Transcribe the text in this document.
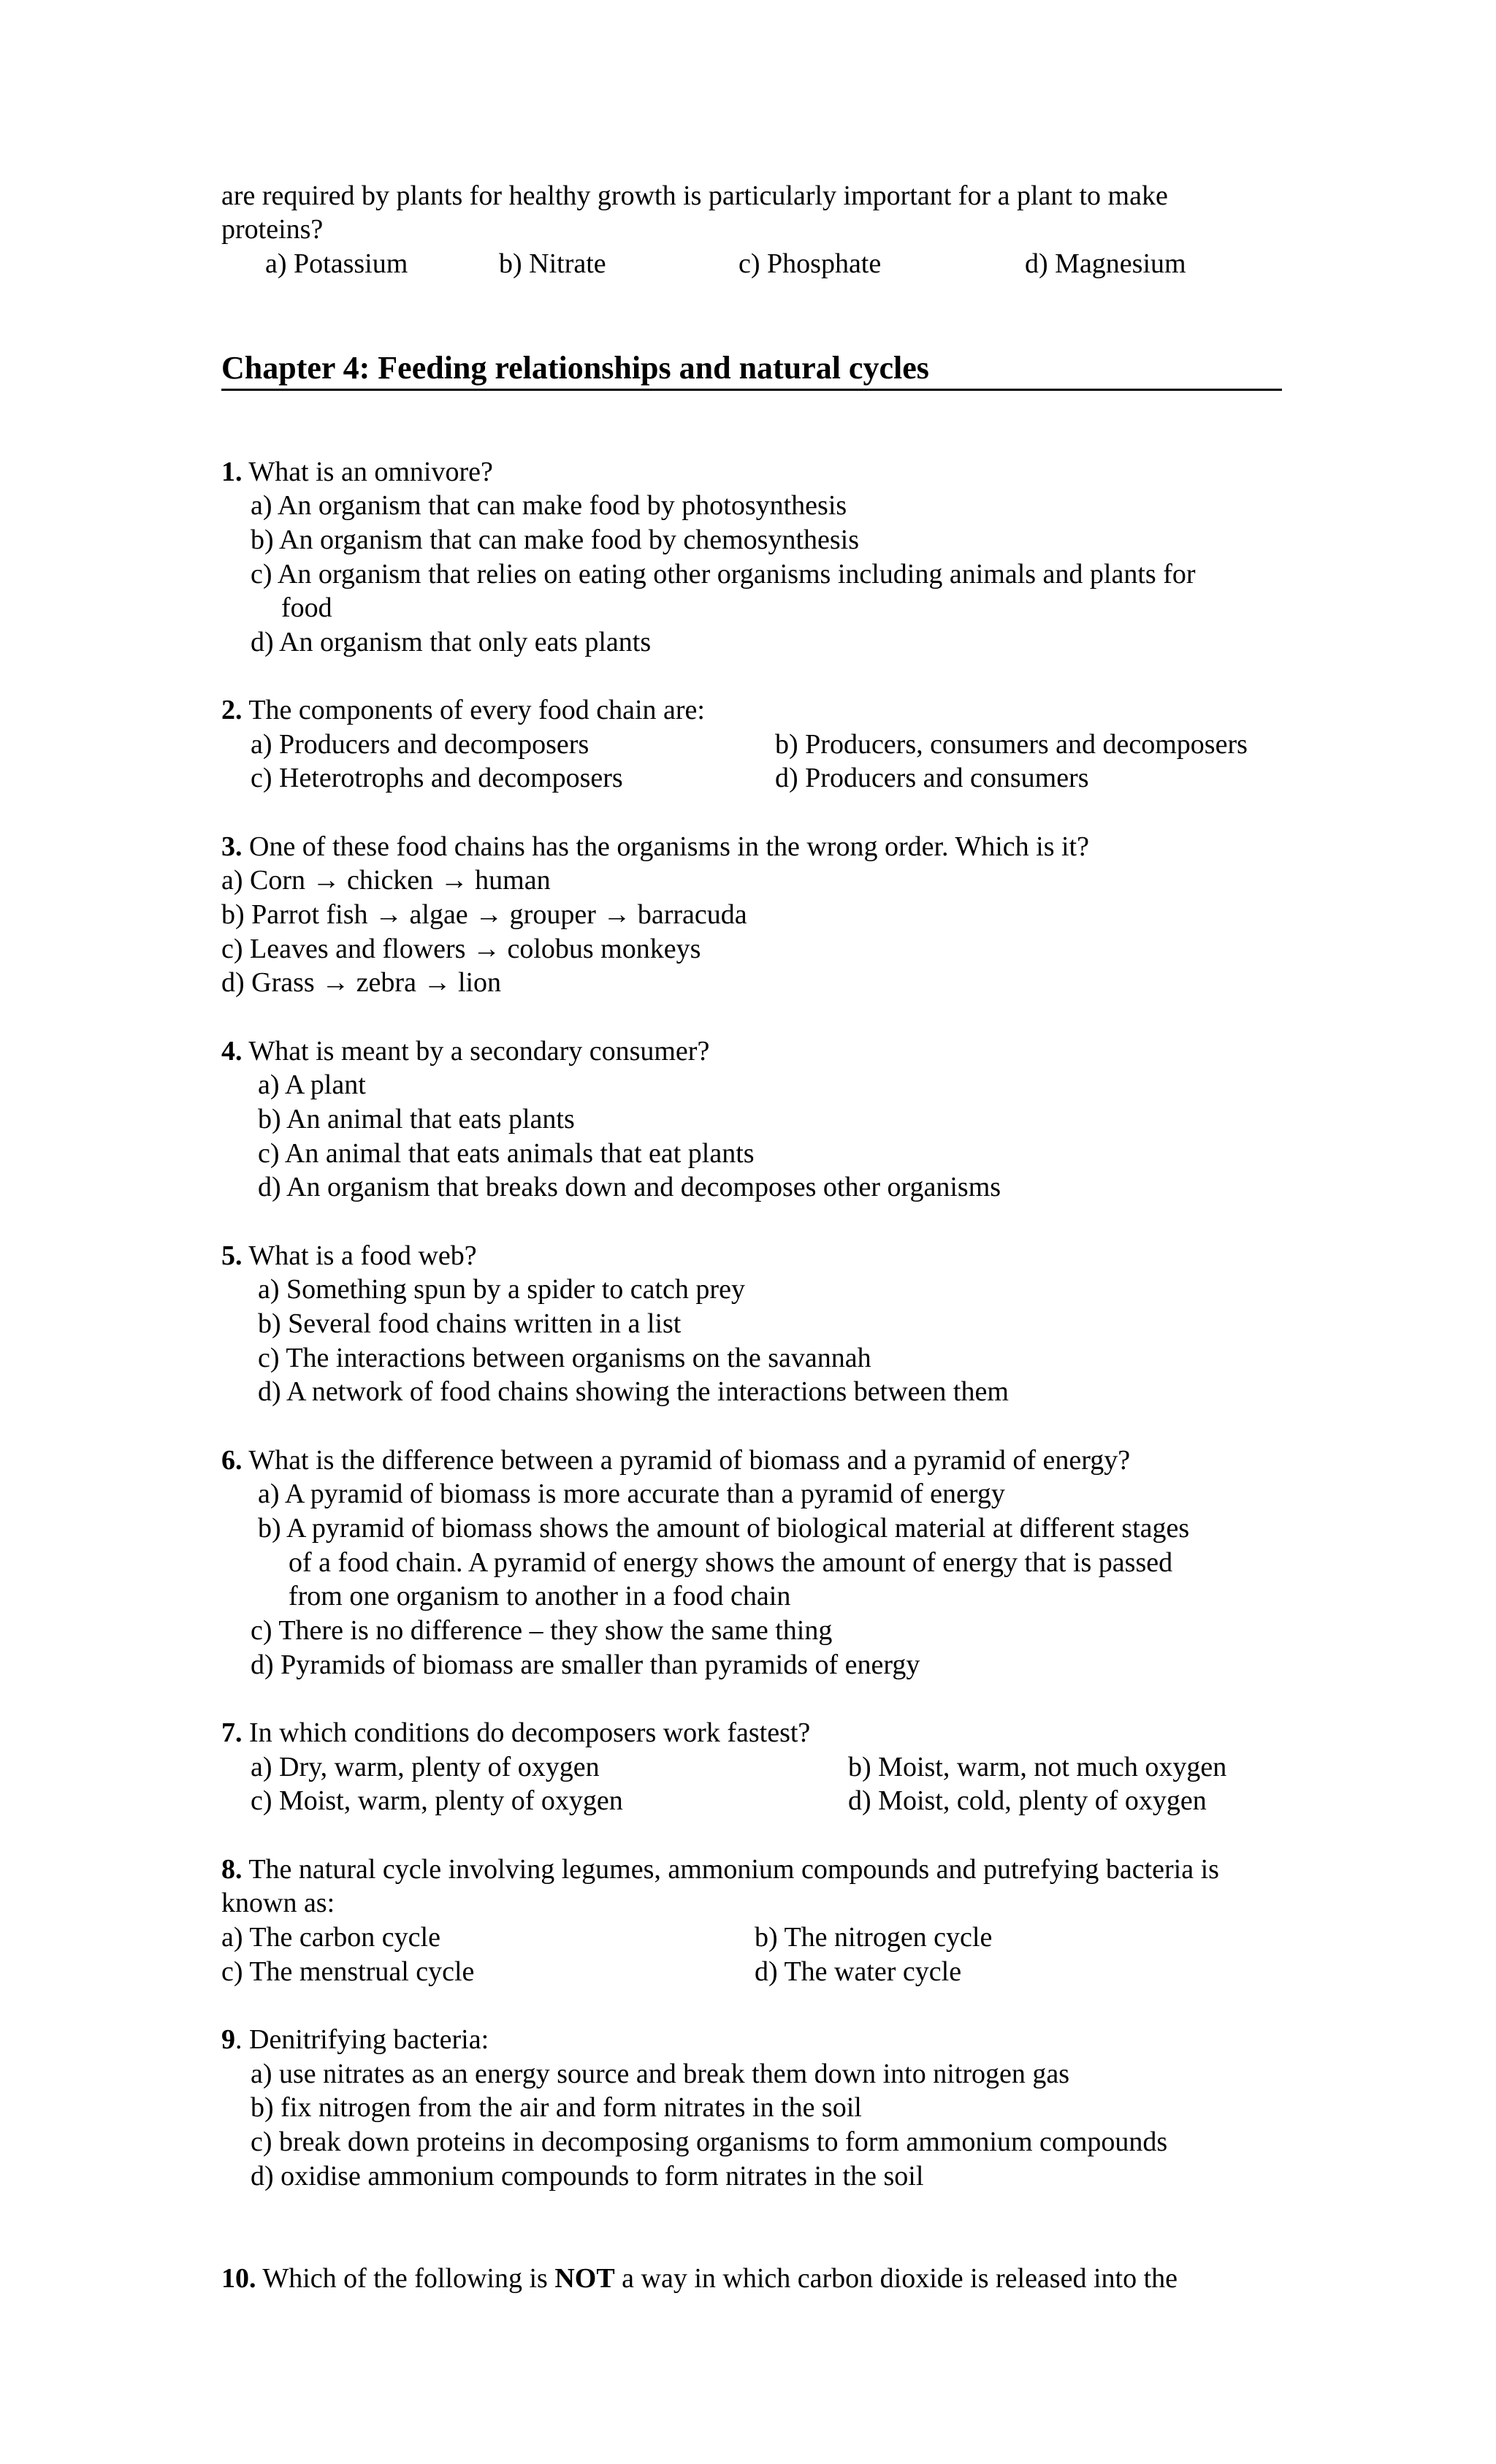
are required by plants for healthy growth is particularly important for a plant to make
proteins?
a) Potassium	b) Nitrate	c) Phosphate	d) Magnesium
Chapter 4: Feeding relationships and natural cycles
1. What is an omnivore?
a) An organism that can make food by photosynthesis
b) An organism that can make food by chemosynthesis
c) An organism that relies on eating other organisms including animals and plants for
food
d) An organism that only eats plants
2. The components of every food chain are:
a) Producers and decomposers	b) Producers, consumers and decomposers
c) Heterotrophs and decomposers	d) Producers and consumers
3. One of these food chains has the organisms in the wrong order. Which is it?
a) Corn → chicken → human
b) Parrot fish → algae → grouper → barracuda
c) Leaves and flowers → colobus monkeys
d) Grass → zebra → lion
4. What is meant by a secondary consumer?
a) A plant
b) An animal that eats plants
c) An animal that eats animals that eat plants
d) An organism that breaks down and decomposes other organisms
5. What is a food web?
a) Something spun by a spider to catch prey
b) Several food chains written in a list
c) The interactions between organisms on the savannah
d) A network of food chains showing the interactions between them
6. What is the difference between a pyramid of biomass and a pyramid of energy?
a) A pyramid of biomass is more accurate than a pyramid of energy
b) A pyramid of biomass shows the amount of biological material at different stages
of a food chain. A pyramid of energy shows the amount of energy that is passed
from one organism to another in a food chain
c) There is no difference – they show the same thing
d) Pyramids of biomass are smaller than pyramids of energy
7. In which conditions do decomposers work fastest?
a) Dry, warm, plenty of oxygen	b) Moist, warm, not much oxygen
c) Moist, warm, plenty of oxygen	d) Moist, cold, plenty of oxygen
8. The natural cycle involving legumes, ammonium compounds and putrefying bacteria is
known as:
a) The carbon cycle	b) The nitrogen cycle
c) The menstrual cycle	d) The water cycle
9. Denitrifying bacteria:
a) use nitrates as an energy source and break them down into nitrogen gas
b) fix nitrogen from the air and form nitrates in the soil
c) break down proteins in decomposing organisms to form ammonium compounds
d) oxidise ammonium compounds to form nitrates in the soil
10. Which of the following is NOT a way in which carbon dioxide is released into the
